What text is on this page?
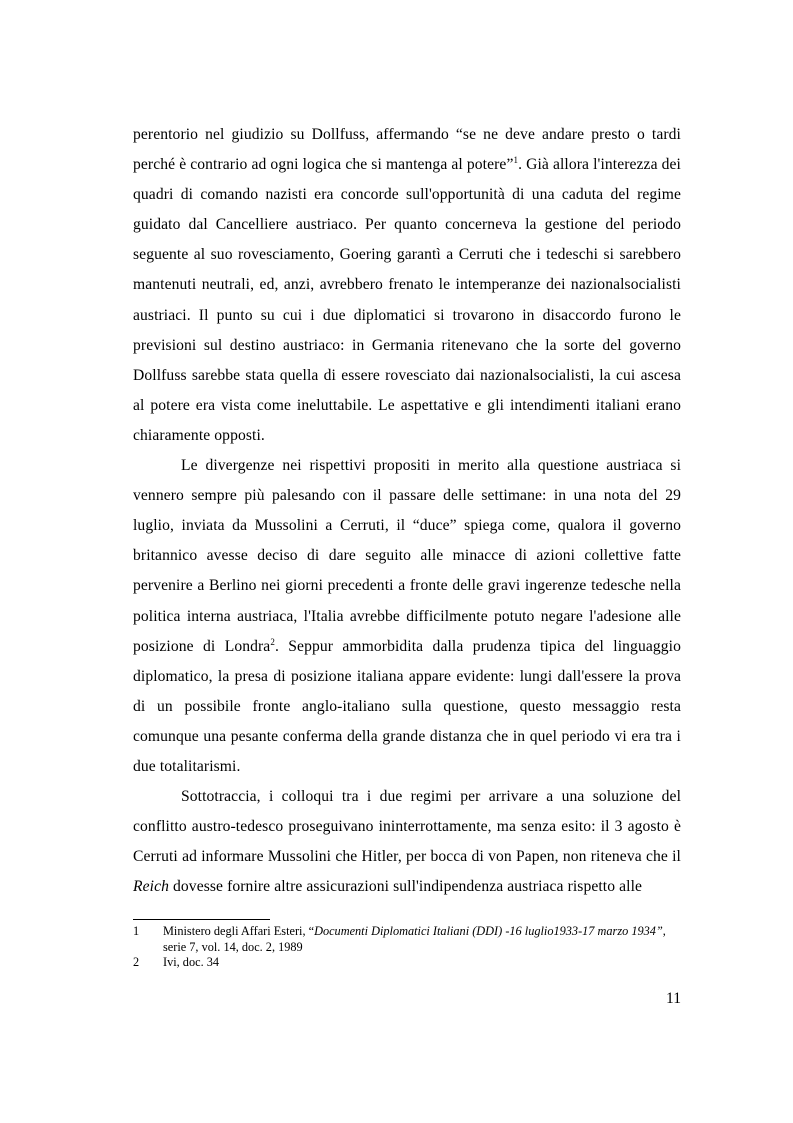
perentorio nel giudizio su Dollfuss, affermando “se ne deve andare presto o tardi perché è contrario ad ogni logica che si mantenga al potere”$^1$. Già allora l'interezza dei quadri di comando nazisti era concorde sull'opportunità di una caduta del regime guidato dal Cancelliere austriaco. Per quanto concerneva la gestione del periodo seguente al suo rovesciamento, Goering garantì a Cerruti che i tedeschi si sarebbero mantenuti neutrali, ed, anzi, avrebbero frenato le intemperanze dei nazionalsocialisti austriaci. Il punto su cui i due diplomatici si trovarono in disaccordo furono le previsioni sul destino austriaco: in Germania ritenevano che la sorte del governo Dollfuss sarebbe stata quella di essere rovesciato dai nazionalsocialisti, la cui ascesa al potere era vista come ineluttabile. Le aspettative e gli intendimenti italiani erano chiaramente opposti.

Le divergenze nei rispettivi propositi in merito alla questione austriaca si vennero sempre più palesando con il passare delle settimane: in una nota del 29 luglio, inviata da Mussolini a Cerruti, il “duce” spiega come, qualora il governo britannico avesse deciso di dare seguito alle minacce di azioni collettive fatte pervenire a Berlino nei giorni precedenti a fronte delle gravi ingerenze tedesche nella politica interna austriaca, l'Italia avrebbe difficilmente potuto negare l'adesione alle posizione di Londra$^2$. Seppur ammorbidita dalla prudenza tipica del linguaggio diplomatico, la presa di posizione italiana appare evidente: lungi dall'essere la prova di un possibile fronte anglo-italiano sulla questione, questo messaggio resta comunque una pesante conferma della grande distanza che in quel periodo vi era tra i due totalitarismi.

Sottotraccia, i colloqui tra i due regimi per arrivare a una soluzione del conflitto austro-tedesco proseguivano ininterrottamente, ma senza esito: il 3 agosto è Cerruti ad informare Mussolini che Hitler, per bocca di von Papen, non riteneva che il Reich dovesse fornire altre assicurazioni sull'indipendenza austriaca rispetto alle

1 Ministero degli Affari Esteri, “Documenti Diplomatici Italiani (DDI) -16 luglio1933-17 marzo 1934”, serie 7, vol. 14, doc. 2, 1989
2 Ivi, doc. 34
11
